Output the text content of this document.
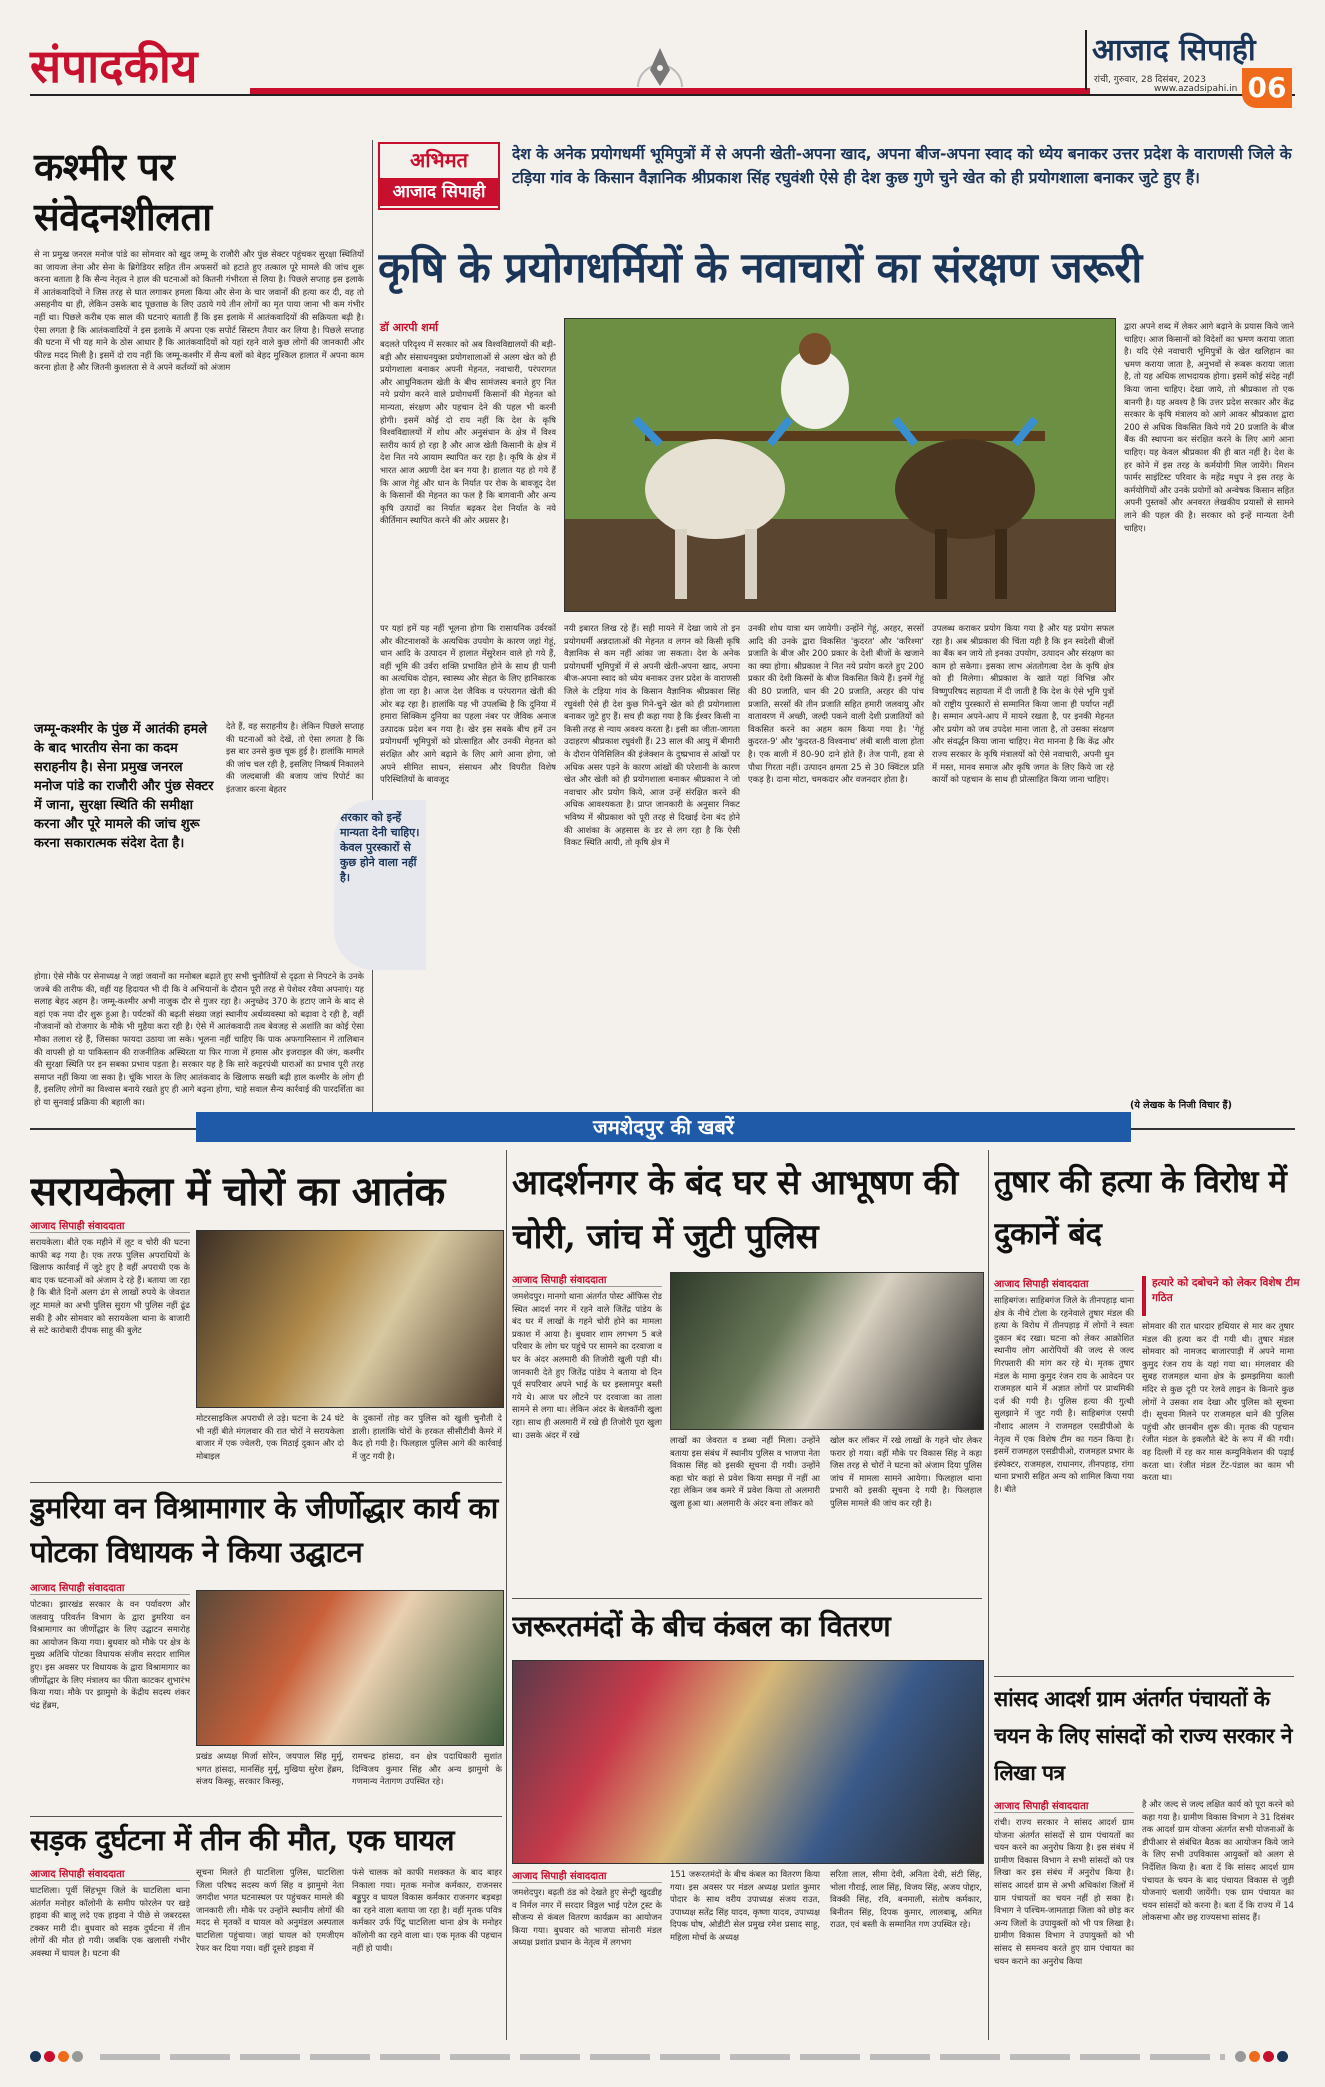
संपादकीय	आजाद सिपाही
रांची, गुरुवार, 28 दिसंबर, 2023
www.azadsipahi.in 06
कश्मीर पर
संवेदनशीलता
से ना प्रमुख जनरल मनोज पांडे का सोमवार को खुद जम्मू के राजौरी और पुंछ सेक्टर पहुंचकर सुरक्षा स्थितियों का जायजा लेना और सेना के ब्रिगेडियर सहित तीन अफसरों को हटाते हुए तत्काल पूरे मामले की जांच शुरू करना बताता है कि सैन्य नेतृत्व ने हाल की घटनाओं को कितनी गंभीरता से लिया है। पिछले सप्ताह इस इलाके में आतंकवादियों ने जिस तरह से घात लगाकर हमला किया और सेना के चार जवानों की हत्या कर दी, वह तो असहनीय था ही, लेकिन उसके बाद पूछताछ के लिए उठाये गये तीन लोगों का मृत पाया जाना भी कम गंभीर नहीं था। पिछले करीब एक साल की घटनाएं बताती हैं कि इस इलाके में आतंकवादियों की सक्रियता बढ़ी है। ऐसा लगता है कि आतंकवादियों ने इस इलाके में अपना एक सपोर्ट सिस्टम तैयार कर लिया है। पिछले सप्ताह की घटना में भी यह माने के ठोस आधार हैं कि आतंकवादियों को यहां रहने वाले कुछ लोगों की जानकारी और फील्ड मदद मिली है। इसमें दो राय नहीं कि जम्मू-कश्मीर में सैन्य बलों को बेहद मुश्किल हालात में अपना काम करना होता है और जितनी कुशलता से वे अपने कर्तव्यों को अंजाम
जम्मू-कश्मीर के पुंछ में आतंकी हमले के बाद भारतीय सेना का कदम सराहनीय है। सेना प्रमुख जनरल मनोज पांडे का राजौरी और पुंछ सेक्टर में जाना, सुरक्षा स्थिति की समीक्षा करना और पूरे मामले की जांच शुरू करना सकारात्मक संदेश देता है।
देते हैं, वह सराहनीय है। लेकिन पिछले सप्ताह की घटनाओं को देखें, तो ऐसा लगता है कि इस बार उनसे कुछ चूक हुई है। हालांकि मामले की जांच चल रही है, इसलिए निष्कर्ष निकालने की जल्दबाजी की बजाय जांच रिपोर्ट का इंतजार करना बेहतर
होगा। ऐसे मौके पर सेनाध्यक्ष ने जहां जवानों का मनोबल बढ़ाते हुए सभी चुनौतियों से दृढ़ता से निपटने के उनके जज्बे की तारीफ की, वहीं यह हिदायत भी दी कि वे अभियानों के दौरान पूरी तरह से पेशेवर रवैया अपनाएं। यह सलाह बेहद अहम है। जम्मू-कश्मीर अभी नाजुक दौर से गुजर रहा है। अनुच्छेद 370 के हटाए जाने के बाद से वहां एक नया दौर शुरू हुआ है। पर्यटकों की बढ़ती संख्या जहां स्थानीय अर्थव्यवस्था को बढ़ावा दे रही है, वहीं नौजवानों को रोजगार के मौके भी मुहैया करा रही है। ऐसे में आतंकवादी तत्व बेवजह से अशांति का कोई ऐसा मौका तलाश रहे हैं, जिसका फायदा उठाया जा सके। भूलना नहीं चाहिए कि पाक अफगानिस्तान में तालिबान की वापसी हो या पाकिस्तान की राजनीतिक अस्थिरता या फिर गाजा में हमास और इजराइल की जंग, कश्मीर की सुरक्षा स्थिति पर इन सबका प्रभाव पड़ता है। सरकार यह है कि सारे कट्टरपंथी धाराओं का प्रभाव पूरी तरह समाप्त नहीं किया जा सका है। चूंकि भारत के लिए आतंकवाद के खिलाफ सख्ती बढ़ी हाल कश्मीर के लोग ही हैं, इसलिए लोगों का विश्वास बनाये रखते हुए ही आगे बढ़ना होगा, चाहे सवाल सैन्य कार्रवाई की पारदर्शिता का हो या सुनवाई प्रक्रिया की बहाली का।
अभिमत
आजाद सिपाही
देश के अनेक प्रयोगधर्मी भूमिपुत्रों में से अपनी खेती-अपना खाद, अपना बीज-अपना स्वाद को ध्येय बनाकर उत्तर प्रदेश के वाराणसी जिले के टड़िया गांव के किसान वैज्ञानिक श्रीप्रकाश सिंह रघुवंशी ऐसे ही देश कुछ गुणे चुने खेत को ही प्रयोगशाला बनाकर जुटे हुए हैं।
कृषि के प्रयोगधर्मियों के नवाचारों का संरक्षण जरूरी
डॉ आरपी शर्मा
बदलते परिदृश्य में सरकार को अब विश्वविद्यालयों की बड़ी-बड़ी और संसाधनयुक्त प्रयोगशालाओं से अलग खेत को ही प्रयोगशाला बनाकर अपनी मेहनत, नवाचारी, परंपरागत और आधुनिकतम खेती के बीच सामंजस्य बनाते हुए नित नये प्रयोग करने वाले प्रयोगधर्मी किसानों की मेहनत को मान्यता, संरक्षण और पहचान देने की पहल भी करनी होगी। इसमें कोई दो राय नहीं कि देश के कृषि विश्वविद्यालयों में शोध और अनुसंधान के क्षेत्र में विश्व स्तरीय कार्य हो रहा है और आज खेती किसानी के क्षेत्र में देश नित नये आयाम स्थापित कर रहा है। कृषि के क्षेत्र में भारत आज अग्रणी देश बन गया है। हालात यह हो गये हैं कि आज गेहूं और धान के निर्यात पर रोक के बावजूद देश के किसानों की मेहनत का फल है कि बागवानी और अन्य कृषि उत्पादों का निर्यात बढ़कर देश निर्यात के नये कीर्तिमान स्थापित करने की ओर अग्रसर है।
द्वारा अपने शब्द में लेकर आगे बढ़ाने के प्रयास किये जाने चाहिए। आज किसानों को विदेशों का भ्रमण कराया जाता है। यदि ऐसे नवाचारी भूमिपुत्रों के खेत खलिहान का भ्रमण कराया जाता है, अनुभवों से रूबरू कराया जाता है, तो यह अधिक लाभदायक होगा। इसमें कोई संदेह नहीं किया जाना चाहिए। देखा जाये, तो श्रीप्रकाश तो एक बानगी है। यह अवश्य है कि उत्तर प्रदेश सरकार और केंद्र सरकार के कृषि मंत्रालय को आगे आकर श्रीप्रकाश द्वारा 200 से अधिक विकसित किये गये 20 प्रजाति के बीज बैंक की स्थापना कर संरक्षित करने के लिए आगे आना चाहिए। यह केवल श्रीप्रकाश की ही बात नहीं है। देश के हर कोने में इस तरह के कर्मयोगी मिल जायेंगे। मिशन फार्मर साइंटिस्ट परिवार के महेंद्र मधुप ने इस तरह के कर्मयोगियों और उनके प्रयोगों को अन्वेषक किसान सहित अपनी पुस्तकों और अनवरत लेखकीय प्रयासों से सामने लाने की पहल की है। सरकार को इन्हें मान्यता देनी चाहिए।
पर यहां हमें यह नहीं भूलना होगा कि रासायनिक उर्वरकों और कीटनाशकों के अत्यधिक उपयोग के कारण जहां गेहूं, धान आदि के उत्पादन में हालात मेंसुरेशन वाले हो गये हैं, वहीं भूमि की उर्वरा शक्ति प्रभावित होने के साथ ही पानी का अत्यधिक दोहन, स्वास्थ्य और सेहत के लिए हानिकारक होता जा रहा है। आज देश जैविक व परंपरागत खेती की ओर बढ़ रहा है। हालांकि यह भी उपलब्धि है कि दुनिया में हमारा सिक्किम दुनिया का पहला नंबर पर जैविक अनाज उत्पादक प्रदेश बन गया है। खेर इस सबके बीच हमें उन प्रयोगधर्मी भूमिपुत्रों को प्रोत्साहित और उनकी मेहनत को संरक्षित और आगे बढ़ाने के लिए आगे आना होगा, जो अपने सीमित साधन, संसाधन और विपरीत विशेष परिस्थितियों के बावजूद
नयी इबारत लिख रहे हैं। सही मायने में देखा जाये तो इन प्रयोगधर्मी अन्नदाताओं की मेहनत व लगन को किसी कृषि वैज्ञानिक से कम नहीं आंका जा सकता। देश के अनेक प्रयोगधर्मी भूमिपुत्रों में से अपनी खेती-अपना खाद, अपना बीज-अपना स्वाद को ध्येय बनाकर उत्तर प्रदेश के वाराणसी जिले के टड़िया गांव के किसान वैज्ञानिक श्रीप्रकाश सिंह रघुवंशी ऐसे ही देश कुछ गिने-चुने खेत को ही प्रयोगशाला बनाकर जुटे हुए हैं। सच ही कहा गया है कि ईश्वर किसी ना किसी तरह से न्याय अवश्य करता है। इसी का जीता-जागता उदाहरण श्रीप्रकाश रघुवंशी हैं। 23 साल की आयु में बीमारी के दौरान पेनिसिलिन की इंजेक्शन के दुष्प्रभाव से आंखों पर अधिक असर पड़ने के कारण आंखों की परेशानी के कारण खेत और खेती को ही प्रयोगशाला बनाकर श्रीप्रकाश ने जो नवाचार और प्रयोग किये, आज उन्हें संरक्षित करने की अधिक आवश्यकता है। प्राप्त जानकारी के अनुसार निकट भविष्य में श्रीप्रकाश को पूरी तरह से दिखाई देना बंद होने की आशंका के अहसास के डर से लग रहा है कि ऐसी विकट स्थिति आयी, तो कृषि क्षेत्र में
उनकी शोध यात्रा थम जायेगी। उन्होंने गेहूं, अरहर, सरसों आदि की उनके द्वारा विकसित 'कुदरत' और 'करिश्मा' प्रजाति के बीज और 200 प्रकार के देशी बीजों के खजाने का क्या होगा। श्रीप्रकाश ने नित नये प्रयोग करते हुए 200 प्रकार की देशी किस्मों के बीज विकसित किये हैं। इनमें गेहूं की 80 प्रजाति, धान की 20 प्रजाति, अरहर की पांच प्रजाति, सरसों की तीन प्रजाति सहित हमारी जलवायु और वातावरण में अच्छी, जल्दी पकने वाली देशी प्रजातियों को विकसित करने का अहम काम किया गया है। 'गेहूं कुदरत-9' और 'कुदरत-8 विश्वनाथ' लंबी बाली वाला होता है। एक बाली में 80-90 दाने होते हैं। तेज पानी, हवा से पौधा गिरता नहीं। उत्पादन क्षमता 25 से 30 क्विंटल प्रति एकड़ है। दाना मोटा, चमकदार और वजनदार होता है।
उपलब्ध कराकर प्रयोग किया गया है और यह प्रयोग सफल रहा है। अब श्रीप्रकाश की चिंता यही है कि इन स्वदेशी बीजों का बैंक बन जाये तो इनका उपयोग, उत्पादन और संरक्षण का काम हो सकेगा। इसका लाभ अंततोगत्वा देश के कृषि क्षेत्र को ही मिलेगा। श्रीप्रकाश के खाते यहां विभिन्न और विष्णुपरिषद सहायता में दी जाती है कि देश के ऐसे भूमि पुत्रों को राष्ट्रीय पुरस्कारों से सम्मानित किया जाना ही पर्याप्त नहीं है। सम्मान अपने-आप में मायने रखता है, पर इनकी मेहनत और प्रयोग को जब उपदेश माना जाता है, तो उसका संरक्षण और संवर्द्धन किया जाना चाहिए। मेरा मानना है कि केंद्र और राज्य सरकार के कृषि मंत्रालयों को ऐसे नवाचारी, अपनी धुन में मस्त, मानव समाज और कृषि जगत के लिए किये जा रहे कार्यों को पहचान के साथ ही प्रोत्साहित किया जाना चाहिए।
(ये लेखक के निजी विचार हैं)
सरकार को इन्हें मान्यता देनी चाहिए। केवल पुरस्कारों से कुछ होने वाला नहीं है।
जमशेदपुर की खबरें
सरायकेला में चोरों का आतंक
आजाद सिपाही संवाददाता
सरायकेला। बीते एक महीने में लूट व चोरी की घटना काफी बढ़ गया है। एक तरफ पुलिस अपराधियों के खिलाफ कार्रवाई में जुटे हुए है वहीं अपराधी एक के बाद एक घटनाओं को अंजाम दे रहे हैं। बताया जा रहा है कि बीते दिनों अलग ढंग से लाखों रुपये के जेवरात लूट मामले का अभी पुलिस सुराग भी पुलिस नहीं ढूंढ सकी है और सोमवार को सरायकेला थाना के बाजारी से सटे कारोबारी दीपक साहू की बुलेट
मोटरसाइकिल अपराधी ले उड़े। घटना के 24 घंटे भी नहीं बीते मंगलवार की रात चोरों ने सरायकेला बाजार में एक ज्वेलरी, एक मिठाई दुकान और दो मोबाइल
के दुकानों तोड़ कर पुलिस को खुली चुनौती दे डाली। हालांकि चोरों के हरकत सीसीटीवी कैमरे में कैद हो गयी है। फिलहाल पुलिस आगे की कार्रवाई में जुट गयी है।
डुमरिया वन विश्रामागार के जीर्णोद्धार कार्य का पोटका विधायक ने किया उद्घाटन
आजाद सिपाही संवाददाता
पोटका। झारखंड सरकार के वन पर्यावरण और जलवायु परिवर्तन विभाग के द्वारा डुमरिया वन विश्रामागार का जीर्णोद्धार के लिए उद्घाटन समारोह का आयोजन किया गया। बुधवार को मौके पर क्षेत्र के मुख्य अतिथि पोटका विधायक संजीव सरदार शामिल हुए। इस अवसर पर विधायक के द्वारा विश्रामागार का जीर्णोद्धार के लिए मंत्रालय का फीता काटकर शुभारंभ किया गया। मौके पर झामुमो के केंद्रीय सदस्य शंकर चंद्र हेंब्रम,
प्रखंड अध्यक्ष मिर्जा सोरेन, जयपाल सिंह मुर्मू, भगत हांसदा, मानसिंह मुर्मू, मुखिया सुरेश हेंब्रम, संजय किस्कू, सरकार किस्कू,
रामचन्द्र हांसदा, वन क्षेत्र पदाधिकारी सुशांत दिग्विजय कुमार सिंह और अन्य झामुमो के गणमान्य नेतागण उपस्थित रहे।
सड़क दुर्घटना में तीन की मौत, एक घायल
आजाद सिपाही संवाददाता
घाटशिला। पूर्वी सिंहभूम जिले के घाटशिला थाना अंतर्गत मनोहर कॉलोनी के समीप फोरलेन पर खड़े हाइवा की बालू लदे एक हाइवा ने पीछे से जबरदस्त टक्कर मारी दी। बुधवार को सड़क दुर्घटना में तीन लोगों की मौत हो गयी। जबकि एक खलासी गंभीर अवस्था में घायल है। घटना की
सूचना मिलते ही घाटशिला पुलिस, घाटशिला जिला परिषद सदस्य कर्ण सिंह व झामुमो नेता जगदीश भगत घटनास्थल पर पहुंचकर मामले की जानकारी ली। मौके पर उन्होंने स्थानीय लोगों की मदद से मृतकों व घायल को अनुमंडल अस्पताल घाटशिला पहुंचाया। जहां घायल को एमजीएम रेफर कर दिया गया। वहीं दूसरे हाइवा में
फंसे चालक को काफी मशक्कत के बाद बाहर निकाला गया। मृतक मनोज कर्मकार, राजनसर बड्डुपुर व घायल विकास कर्मकार राजनगर बड़बड़ा का रहने वाला बताया जा रहा है। वहीं मृतक पवित्र कर्मकार उर्फ पिंटू घाटशिला थाना क्षेत्र के मनोहर कॉलोनी का रहने वाला था। एक मृतक की पहचान नहीं हो पायी।
आदर्शनगर के बंद घर से आभूषण की चोरी, जांच में जुटी पुलिस
आजाद सिपाही संवाददाता
जमशेदपुर। मानगो थाना अंतर्गत पोस्ट ऑफिस रोड स्थित आदर्श नगर में रहने वाले जितेंद्र पांडेय के बंद घर में लाखों के गहने चोरी होने का मामला प्रकाश में आया है। बुधवार शाम लगभग 5 बजे परिवार के लोग घर पहुंचे पर सामने का दरवाजा व घर के अंदर अलमारी की तिजोरी खुली पड़ी थी। जानकारी देते हुए जितेंद्र पांडेय ने बताया वो दिन पूर्व सपरिवार अपने भाई के घर इस्लामपुर बस्ती गये थे। आज घर लौटने पर दरवाजा का ताला सामने से लगा था। लेकिन अंदर के बेलकॉनी खुला रहा। साथ ही अलमारी में रखे ही तिजोरी पूरा खुला था। उसके अंदर में रखे
लाखों का जेवरात व डब्बा नहीं मिला। उन्होंने बताया इस संबंध में स्थानीय पुलिस व भाजपा नेता विकास सिंह को इसकी सूचना दी गयी। उन्होंने कहा चोर कहां से प्रवेश किया समझ में नहीं आ रहा लेकिन जब कमरे में प्रवेश किया तो अलमारी खुला हुआ था। अलमारी के अंदर बना लॉकर को
खोल कर लॉकर में रखे लाखों के गहने चोर लेकर फरार हो गया। वहीं मौके पर विकास सिंह ने कहा जिस तरह से चोरों ने घटना को अंजाम दिया पुलिस जांच में मामला सामने आयेगा। फिलहाल थाना प्रभारी को इसकी सूचना दे गयी है। फिलहाल पुलिस मामले की जांच कर रही है।
जरूरतमंदों के बीच कंबल का वितरण
आजाद सिपाही संवाददाता
जमशेदपुर। बढ़ती ठंड को देखते हुए सेन्ट्री खुदडीह व निर्मल नगर में सरदार विठ्ठल भाई पटेल ट्रस्ट के सौजन्य से कंबल वितरण कार्यक्रम का आयोजन किया गया। बुधवार को भाजपा सोनारी मंडल अध्यक्ष प्रशांत प्रधान के नेतृत्व में लगभग
151 जरूरतमंदों के बीच कंबल का वितरण किया गया। इस अवसर पर मंडल अध्यक्ष प्रशांत कुमार पोदार के साथ वरीय उपाध्यक्ष संजय राउत, उपाध्यक्ष सतेंद्र सिंह यादव, कृष्णा यादव, उपाध्यक्ष दिपक घोष, ओडीटी सेल प्रमुख रमेश प्रसाद साहू, महिला मोर्चा के अध्यक्ष
सरिता लाल, सीमा देवी, अनिता देवी, संटी सिंह, भोला गौराई, लाल सिंह, विजय सिंह, अजय पोद्दार, विक्की सिंह, रवि, बनमाली, संतोष कर्मकार, बिनीतन सिंह, दिपक कुमार, लालबाबू, अमित राउत, एवं बस्ती के सम्मानित गण उपस्थित रहे।
तुषार की हत्या के विरोध में दुकानें बंद
आजाद सिपाही संवाददाता
साहिबगंज। साहिबगंज जिले के तीनपहाड़ थाना क्षेत्र के नीचे टोला के रहनेवाले तुषार मंडल की हत्या के विरोध में तीनपहाड़ में लोगों ने स्वतः दुकान बंद रखा। घटना को लेकर आक्रोशित स्थानीय लोग आरोपियों की जल्द से जल्द गिरफ्तारी की मांग कर रहे थे। मृतक तुषार मंडल के मामा कुमुद रंजन राय के आवेदन पर राजमहल थाने में अज्ञात लोगों पर प्राथमिकी दर्ज की गयी है। पुलिस हत्या की गुत्थी सुलझाने में जुट गयी है। साहिबगंज एसपी नौशाद आलम ने राजमहल एसडीपीओ के नेतृत्व में एक विशेष टीम का गठन किया है। इसमें राजमहल एसडीपीओ, राजमहल प्रभार के इंस्पेक्टर, राजमहल, राधानगर, तीनपहाड़, रांगा थाना प्रभारी सहित अन्य को शामिल किया गया है। बीते
हत्यारे को दबोचने को लेकर विशेष टीम गठित
सोमवार की रात धारदार हथियार से मार कर तुषार मंडल की हत्या कर दी गयी थी। तुषार मंडल सोमवार को नामजद बाजारपाड़ी में अपने मामा कुमुद रंजन राय के यहां गया था। मंगलवार की सुबह राजमहल थाना क्षेत्र के झमझमिया काली मंदिर से कुछ दूरी पर रेलवे लाइन के किनारे कुछ लोगों ने उसका शव देखा और पुलिस को सूचना दी। सूचना मिलने पर राजमहल थाने की पुलिस पहुंची और छानबीन शुरू की। मृतक की पहचान रंजीत मंडल के इकलौते बेटे के रूप में की गयी। वह दिल्ली में रह कर मास कम्युनिकेशन की पढ़ाई करता था। रंजीत मंडल टेंट-पंडाल का काम भी करता था।
सांसद आदर्श ग्राम अंतर्गत पंचायतों के चयन के लिए सांसदों को राज्य सरकार ने लिखा पत्र
आजाद सिपाही संवाददाता
रांची। राज्य सरकार ने सांसद आदर्श ग्राम योजना अंतर्गत सांसदों से ग्राम पंचायतों का चयन करने का अनुरोध किया है। इस संबंध में ग्रामीण विकास विभाग ने सभी सांसदों को पत्र लिखा कर इस संबंध में अनुरोध किया है। सांसद आदर्श ग्राम से अभी अधिकांश जिलों में ग्राम पंचायतों का चयन नहीं हो सका है। विभाग ने पश्चिम-जामताड़ा जिला को छोड़ कर अन्य जिलों के उपायुक्तों को भी पत्र लिखा है। ग्रामीण विकास विभाग ने उपायुक्तों को भी सांसद से समन्वय करते हुए ग्राम पंचायत का चयन कराने का अनुरोध किया
है और जल्द से जल्द लक्षित कार्य को पूरा करने को कहा गया है। ग्रामीण विकास विभाग ने 31 दिसंबर तक आदर्श ग्राम योजना अंतर्गत सभी योजनाओं के डीपीआर से संबंधित बैठक का आयोजन किये जाने के लिए सभी उपविकास आयुक्तों को अलग से निर्देशित किया है। बता दें कि सांसद आदर्श ग्राम पंचायत के चयन के बाद पंचायत विकास से जुड़ी योजनाएं चलायी जायेंगी। एक ग्राम पंचायत का चयन सांसदों को करना है। बता दें कि राज्य में 14 लोकसभा और छह राज्यसभा सांसद हैं।
